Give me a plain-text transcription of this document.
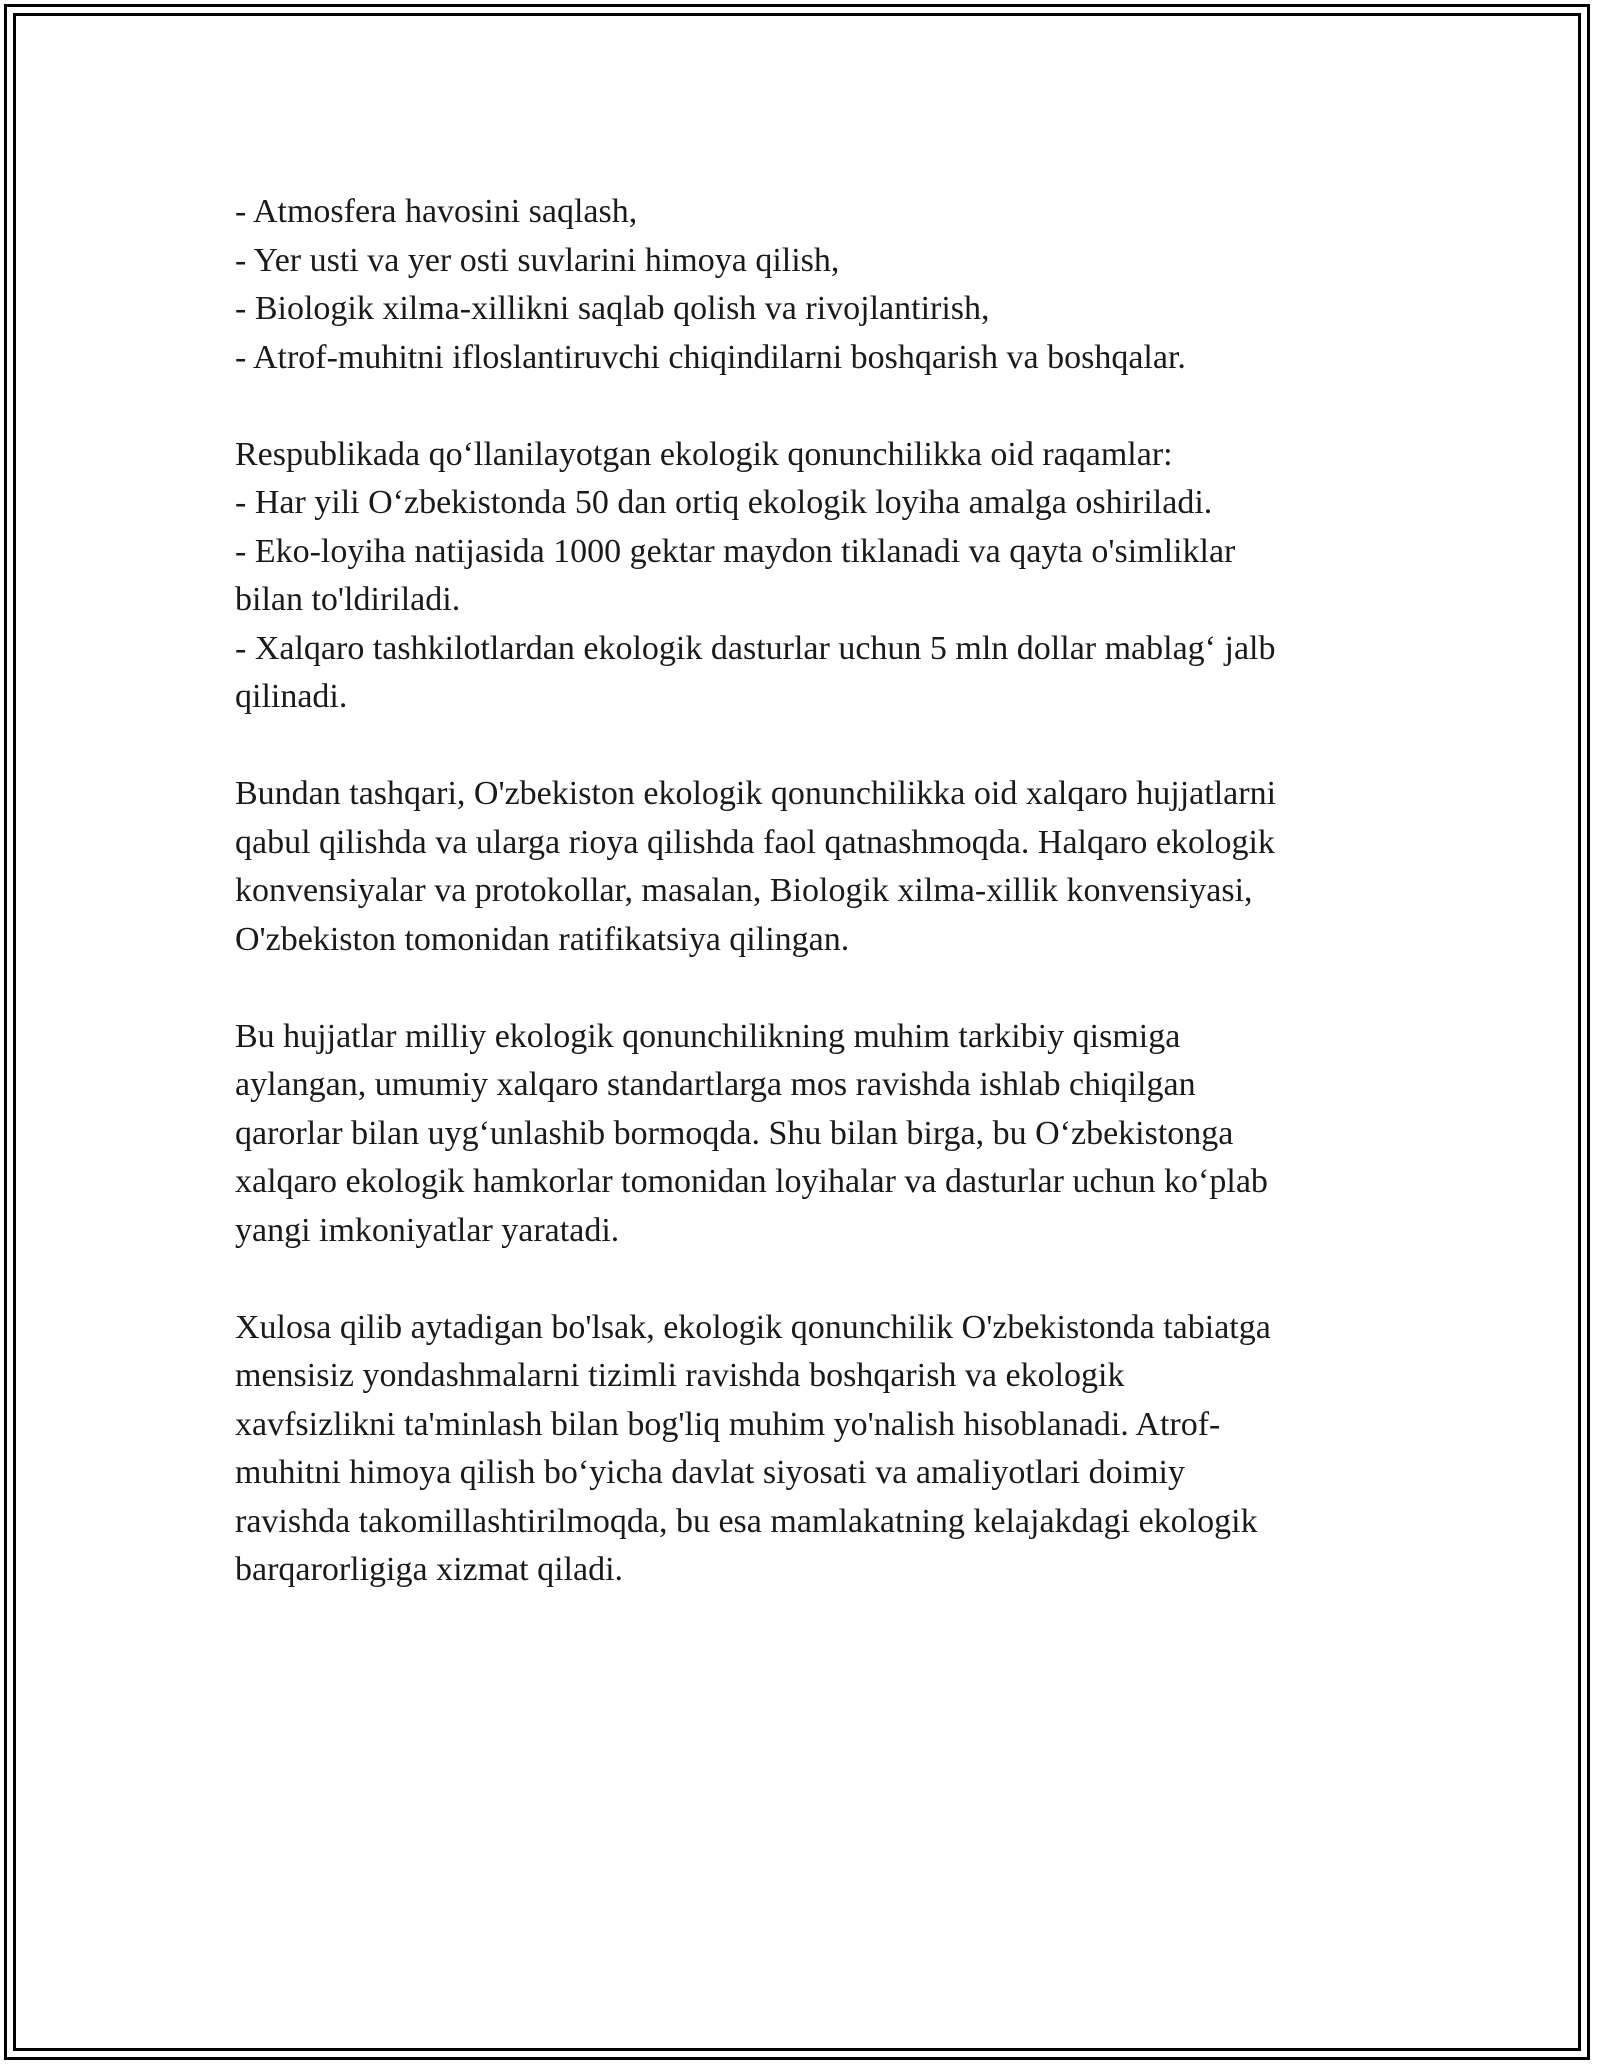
- Atmosfera havosini saqlash,
- Yer usti va yer osti suvlarini himoya qilish,
- Biologik xilma-xillikni saqlab qolish va rivojlantirish,
- Atrof-muhitni ifloslantiruvchi chiqindilarni boshqarish va boshqalar.
Respublikada qo‘llanilayotgan ekologik qonunchilikka oid raqamlar:
- Har yili O‘zbekistonda 50 dan ortiq ekologik loyiha amalga oshiriladi.
- Eko-loyiha natijasida 1000 gektar maydon tiklanadi va qayta o'simliklar
bilan to'ldiriladi.
- Xalqaro tashkilotlardan ekologik dasturlar uchun 5 mln dollar mablag‘ jalb
qilinadi.
Bundan tashqari, O'zbekiston ekologik qonunchilikka oid xalqaro hujjatlarni
qabul qilishda va ularga rioya qilishda faol qatnashmoqda. Halqaro ekologik
konvensiyalar va protokollar, masalan, Biologik xilma-xillik konvensiyasi,
O'zbekiston tomonidan ratifikatsiya qilingan.
Bu hujjatlar milliy ekologik qonunchilikning muhim tarkibiy qismiga
aylangan, umumiy xalqaro standartlarga mos ravishda ishlab chiqilgan
qarorlar bilan uyg‘unlashib bormoqda. Shu bilan birga, bu O‘zbekistonga
xalqaro ekologik hamkorlar tomonidan loyihalar va dasturlar uchun ko‘plab
yangi imkoniyatlar yaratadi.
Xulosa qilib aytadigan bo'lsak, ekologik qonunchilik O'zbekistonda tabiatga
mensisiz yondashmalarni tizimli ravishda boshqarish va ekologik
xavfsizlikni ta'minlash bilan bog'liq muhim yo'nalish hisoblanadi. Atrof-
muhitni himoya qilish bo‘yicha davlat siyosati va amaliyotlari doimiy
ravishda takomillashtirilmoqda, bu esa mamlakatning kelajakdagi ekologik
barqarorligiga xizmat qiladi.
